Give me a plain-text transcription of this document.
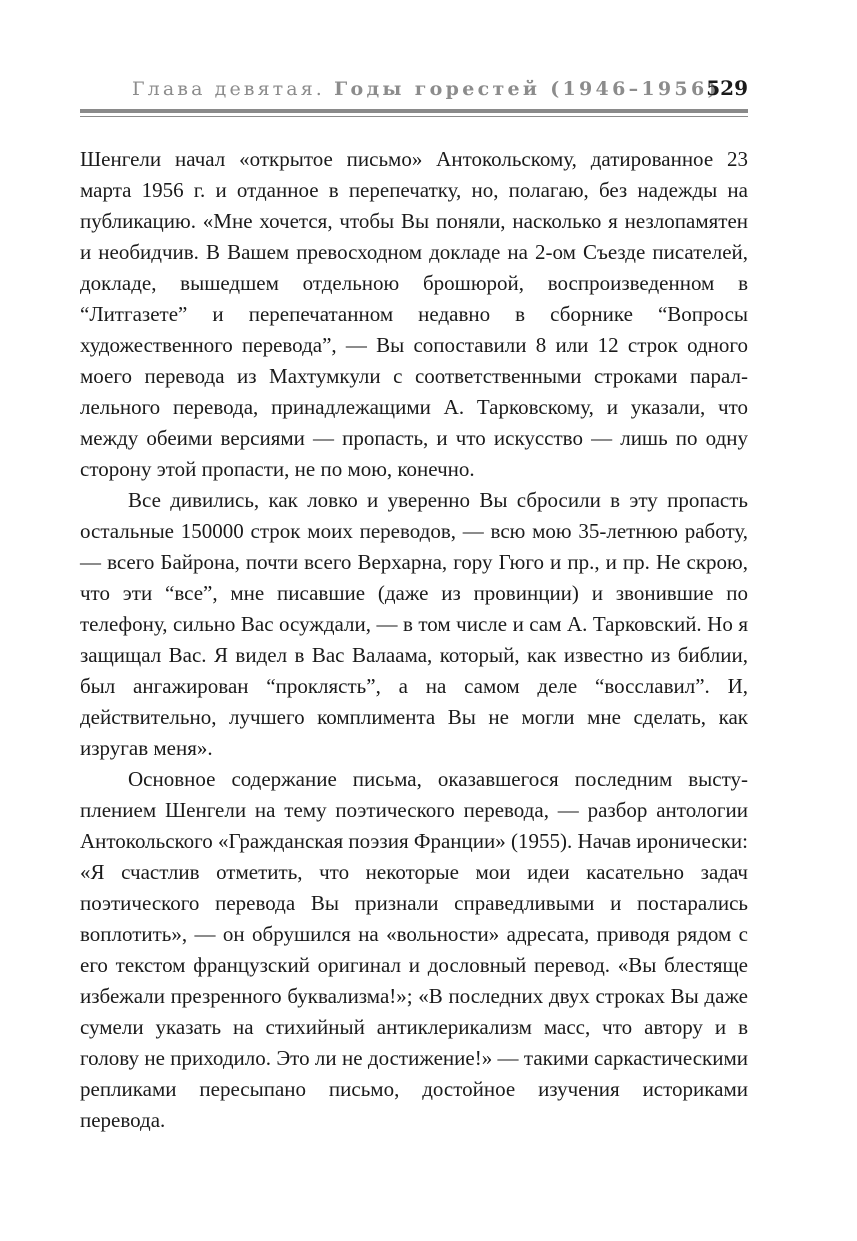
Глава девятая. Годы горестей (1946–1956)
529

Шенгели начал «открытое письмо» Антокольскому, датированное 23 марта 1956 г. и отданное в перепечатку, но, полагаю, без надежды на публикацию. «Мне хочется, чтобы Вы поняли, насколько я незлопамятен и необидчив. В Вашем превосходном докладе на 2-ом Съезде писателей, докладе, вышедшем отдельною брошюрой, воспроизведенном в “Литгазете” и перепечатанном недавно в сборнике “Вопросы художественного перевода”, — Вы сопоставили 8 или 12 строк одного моего перевода из Махтумкули с соответственными строками параллельного перевода, принадлежащими А. Тарковскому, и указали, что между обеими версиями — пропасть, и что искусство — лишь по одну сторону этой пропасти, не по мою, конечно.

Все дивились, как ловко и уверенно Вы сбросили в эту пропасть остальные 150000 строк моих переводов, — всю мою 35-летнюю работу, — всего Байрона, почти всего Верхарна, гору Гюго и пр., и пр. Не скрою, что эти “все”, мне писавшие (даже из провинции) и звонившие по телефону, сильно Вас осуждали, — в том числе и сам А. Тарковский. Но я защищал Вас. Я видел в Вас Валаама, который, как известно из библии, был ангажирован “проклясть”, а на самом деле “восславил”. И, действительно, лучшего комплимента Вы не могли мне сделать, как изругав меня».

Основное содержание письма, оказавшегося последним выступлением Шенгели на тему поэтического перевода, — разбор антологии Антокольского «Гражданская поэзия Франции» (1955). Начав иронически: «Я счастлив отметить, что некоторые мои идеи касательно задач поэтического перевода Вы признали справедливыми и постарались воплотить», — он обрушился на «вольности» адресата, приводя рядом с его текстом французский оригинал и дословный перевод. «Вы блестяще избежали презренного буквализма!»; «В последних двух строках Вы даже сумели указать на стихийный антиклерикализм масс, что автору и в голову не приходило. Это ли не достижение!» — такими саркастическими репликами пересыпано письмо, достойное изучения историками перевода.
